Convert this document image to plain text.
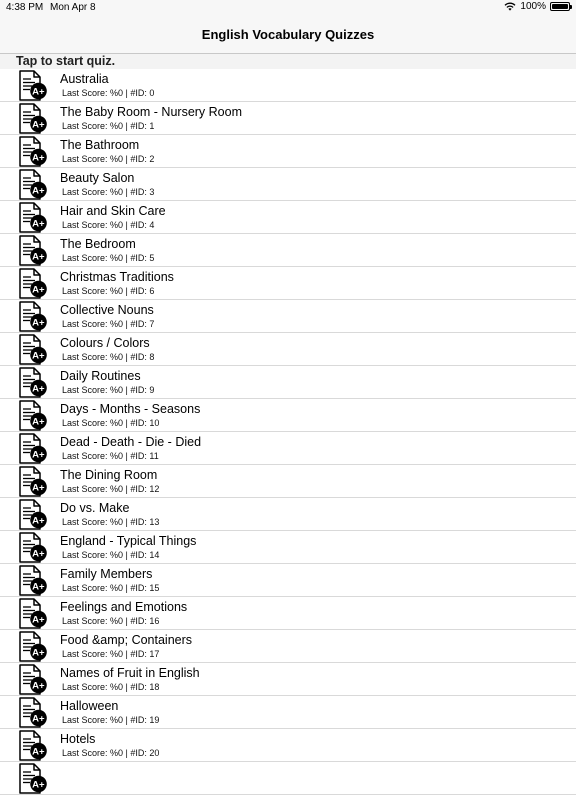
4:38 PM Mon Apr 8	100%
English Vocabulary Quizzes
Tap to start quiz.
A+
Australia
Last Score: %0 | #ID: 0
A+
The Baby Room - Nursery Room
Last Score: %0 | #ID: 1
A+
The Bathroom
Last Score: %0 | #ID: 2
A+
Beauty Salon
Last Score: %0 | #ID: 3
A+
Hair and Skin Care
Last Score: %0 | #ID: 4
A+
The Bedroom
Last Score: %0 | #ID: 5
A+
Christmas Traditions
Last Score: %0 | #ID: 6
A+
Collective Nouns
Last Score: %0 | #ID: 7
A+
Colours / Colors
Last Score: %0 | #ID: 8
A+
Daily Routines
Last Score: %0 | #ID: 9
A+
Days - Months - Seasons
Last Score: %0 | #ID: 10
A+
Dead - Death - Die - Died
Last Score: %0 | #ID: 11
A+
The Dining Room
Last Score: %0 | #ID: 12
A+
Do vs. Make
Last Score: %0 | #ID: 13
A+
England - Typical Things
Last Score: %0 | #ID: 14
A+
Family Members
Last Score: %0 | #ID: 15
A+
Feelings and Emotions
Last Score: %0 | #ID: 16
A+
Food &amp; Containers
Last Score: %0 | #ID: 17
A+
Names of Fruit in English
Last Score: %0 | #ID: 18
A+
Halloween
Last Score: %0 | #ID: 19
A+
Hotels
Last Score: %0 | #ID: 20
A+
